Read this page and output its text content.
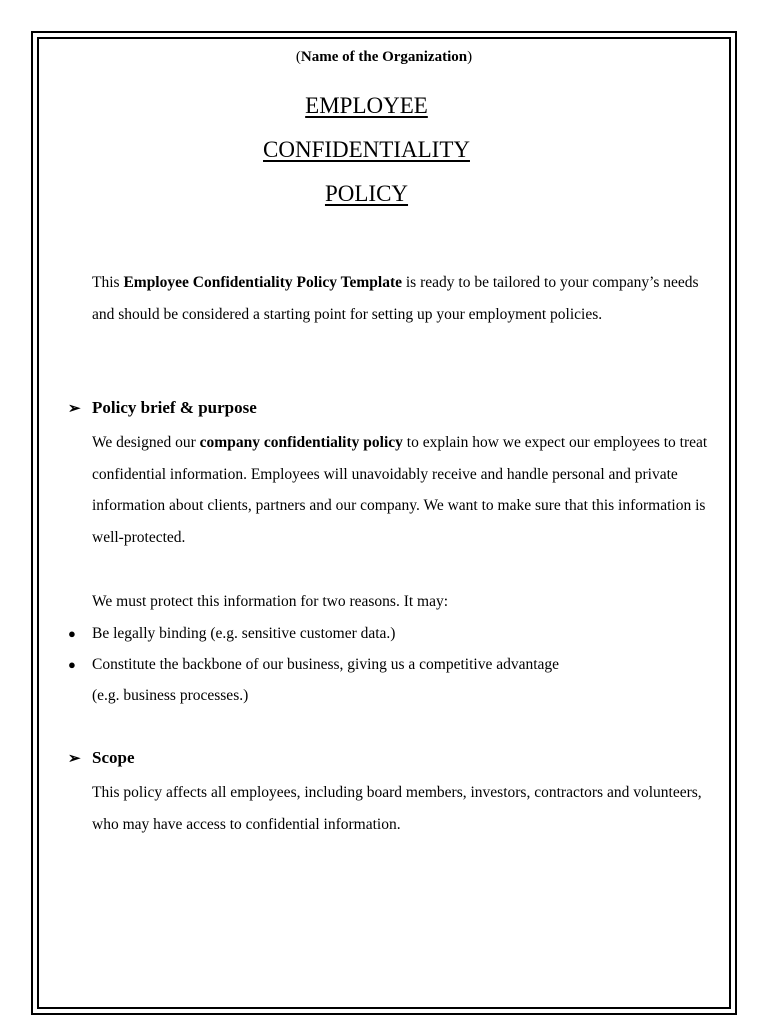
(Name of the Organization)
EMPLOYEE
CONFIDENTIALITY
POLICY

This Employee Confidentiality Policy Template is ready to be tailored to your company’s needs and should be considered a starting point for setting up your employment policies.

➢ Policy brief & purpose

We designed our company confidentiality policy to explain how we expect our employees to treat confidential information. Employees will unavoidably receive and handle personal and private information about clients, partners and our company. We want to make sure that this information is well-protected.

We must protect this information for two reasons. It may:

● Be legally binding (e.g. sensitive customer data.)
● Constitute the backbone of our business, giving us a competitive advantage
(e.g. business processes.)
➢ Scope

This policy affects all employees, including board members, investors, contractors and volunteers, who may have access to confidential information.
